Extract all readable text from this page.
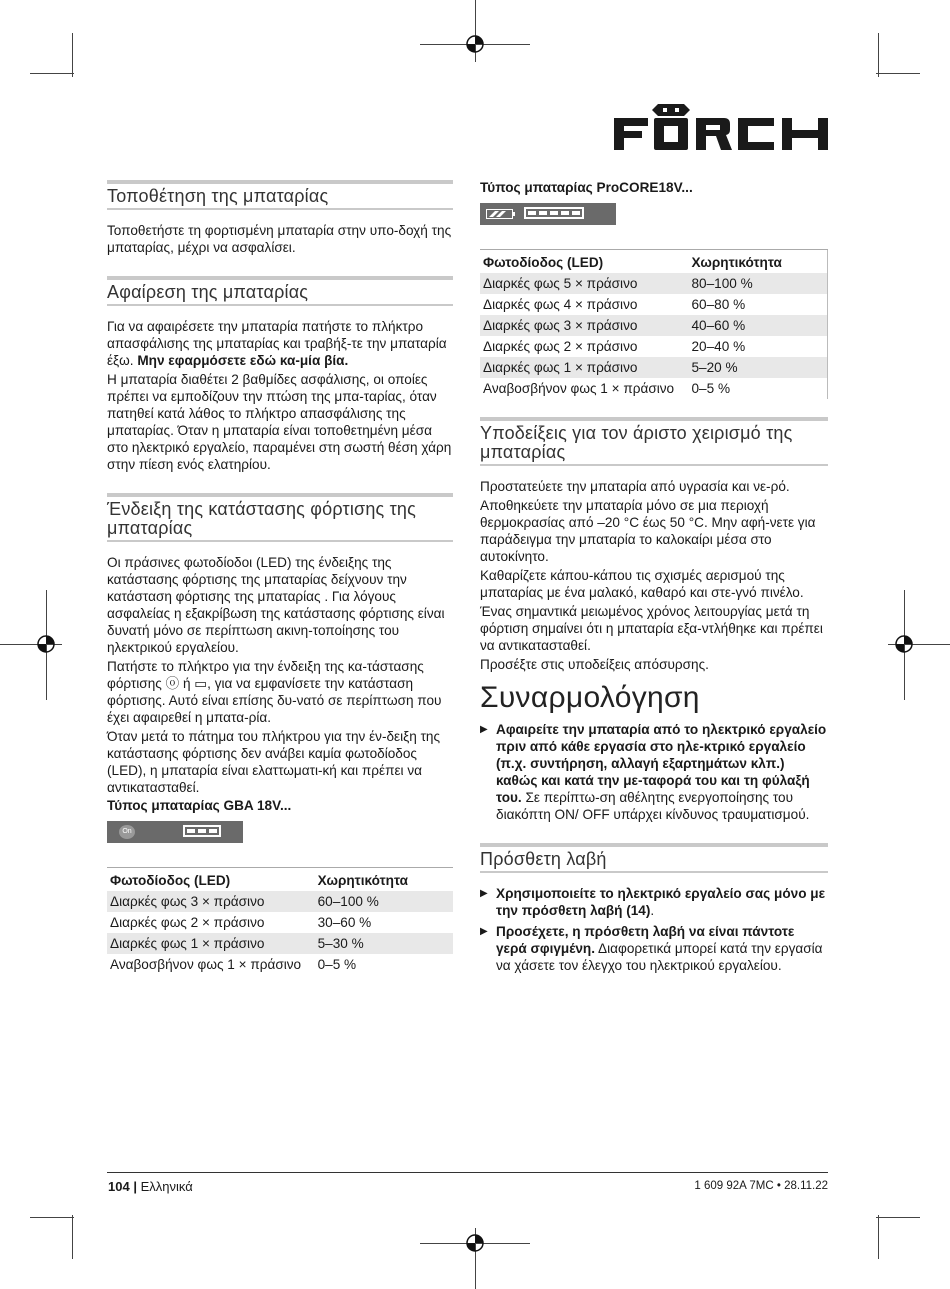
Τοποθέτηση της μπαταρίας

Τοποθετήστε τη φορτισμένη μπαταρία στην υπο-δοχή της μπαταρίας, μέχρι να ασφαλίσει.

Αφαίρεση της μπαταρίας

Για να αφαιρέσετε την μπαταρία πατήστε το πλήκτρο απασφάλισης της μπαταρίας και τραβήξ-τε την μπαταρία έξω. Μην εφαρμόσετε εδώ κα-μία βία.

Η μπαταρία διαθέτει 2 βαθμίδες ασφάλισης, οι οποίες πρέπει να εμποδίζουν την πτώση της μπα-ταρίας, όταν πατηθεί κατά λάθος το πλήκτρο απασφάλισης της μπαταρίας. Όταν η μπαταρία είναι τοποθετημένη μέσα στο ηλεκτρικό εργαλείο, παραμένει στη σωστή θέση χάρη στην πίεση ενός ελατηρίου.

Ένδειξη της κατάστασης φόρτισης της μπαταρίας

Οι πράσινες φωτοδίοδοι (LED) της ένδειξης της κατάστασης φόρτισης της μπαταρίας δείχνουν την κατάσταση φόρτισης της μπαταρίας . Για λόγους ασφαλείας η εξακρίβωση της κατάστασης φόρτισης είναι δυνατή μόνο σε περίπτωση ακινη-τοποίησης του ηλεκτρικού εργαλείου.

Πατήστε το πλήκτρο για την ένδειξη της κα-τάστασης φόρτισης ⓞ ή ▭, για να εμφανίσετε την κατάσταση φόρτισης. Αυτό είναι επίσης δυ-νατό σε περίπτωση που έχει αφαιρεθεί η μπατα-ρία.

Όταν μετά το πάτημα του πλήκτρου για την έν-δειξη της κατάστασης φόρτισης δεν ανάβει καμία φωτοδίοδος (LED), η μπαταρία είναι ελαττωματι-κή και πρέπει να αντικατασταθεί.

Τύπος μπαταρίας GBA 18V...
On
Φωτοδίοδος (LED)	Χωρητικότητα
Διαρκές φως 3 × πράσινο	60–100 %
Διαρκές φως 2 × πράσινο	30–60 %
Διαρκές φως 1 × πράσινο	5–30 %
Αναβοσβήνον φως 1 × πράσινο	0–5 %
Τύπος μπαταρίας ProCORE18V...
Φωτοδίοδος (LED)	Χωρητικότητα
Διαρκές φως 5 × πράσινο	80–100 %
Διαρκές φως 4 × πράσινο	60–80 %
Διαρκές φως 3 × πράσινο	40–60 %
Διαρκές φως 2 × πράσινο	20–40 %
Διαρκές φως 1 × πράσινο	5–20 %
Αναβοσβήνον φως 1 × πράσινο	0–5 %
Υποδείξεις για τον άριστο χειρισμό της μπαταρίας

Προστατεύετε την μπαταρία από υγρασία και νε-ρό.

Αποθηκεύετε την μπαταρία μόνο σε μια περιοχή θερμοκρασίας από –20 °C έως 50 °C. Μην αφή-νετε για παράδειγμα την μπαταρία το καλοκαίρι μέσα στο αυτοκίνητο.

Καθαρίζετε κάπου-κάπου τις σχισμές αερισμού της μπαταρίας με ένα μαλακό, καθαρό και στε-γνό πινέλο.

Ένας σημαντικά μειωμένος χρόνος λειτουργίας μετά τη φόρτιση σημαίνει ότι η μπαταρία εξα-ντλήθηκε και πρέπει να αντικατασταθεί.

Προσέξτε στις υποδείξεις απόσυρσης.

Συναρμολόγηση
▶ Αφαιρείτε την μπαταρία από το ηλεκτρικό εργαλείο πριν από κάθε εργασία στο ηλε-κτρικό εργαλείο (π.χ. συντήρηση, αλλαγή εξαρτημάτων κλπ.) καθώς και κατά την με-ταφορά του και τη φύλαξή του. Σε περίπτω-ση αθέλητης ενεργοποίησης του διακόπτη ON/ OFF υπάρχει κίνδυνος τραυματισμού.

Πρόσθετη λαβή
▶ Χρησιμοποιείτε το ηλεκτρικό εργαλείο σας μόνο με την πρόσθετη λαβή (14).

▶ Προσέχετε, η πρόσθετη λαβή να είναι πάντοτε γερά σφιγμένη. Διαφορετικά μπορεί κατά την εργασία να χάσετε τον έλεγχο του ηλεκτρικού εργαλείου.

104 | Ελληνικά	1 609 92A 7MC • 28.11.22
